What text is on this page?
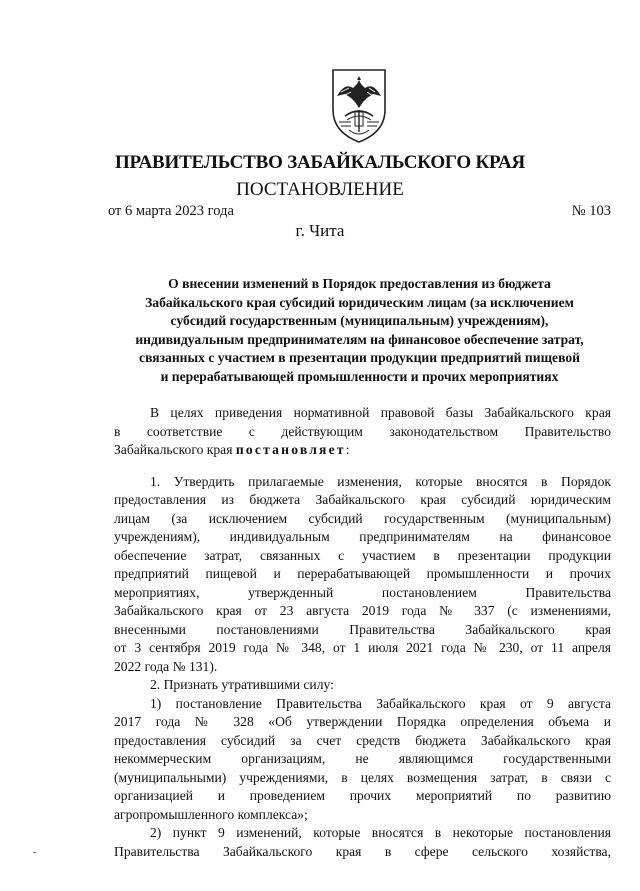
ПРАВИТЕЛЬСТВО ЗАБАЙКАЛЬСКОГО КРАЯ
ПОСТАНОВЛЕНИЕ
от 6 марта 2023 года	№ 103
г. Чита
О внесении изменений в Порядок предоставления из бюджета
Забайкальского края субсидий юридическим лицам (за исключением
субсидий государственным (муниципальным) учреждениям),
индивидуальным предпринимателям на финансовое обеспечение затрат,
связанных с участием в презентации продукции предприятий пищевой
и перерабатывающей промышленности и прочих мероприятиях
В целях приведения нормативной правовой базы Забайкальского края
в соответствие с действующим законодательством Правительство
Забайкальского края постановляет:
1. Утвердить прилагаемые изменения, которые вносятся в Порядок
предоставления из бюджета Забайкальского края субсидий юридическим
лицам (за исключением субсидий государственным (муниципальным)
учреждениям), индивидуальным предпринимателям на финансовое
обеспечение затрат, связанных с участием в презентации продукции
предприятий пищевой и перерабатывающей промышленности и прочих
мероприятиях, утвержденный постановлением Правительства
Забайкальского края от 23 августа 2019 года № 337 (с изменениями,
внесенными постановлениями Правительства Забайкальского края
от 3 сентября 2019 года № 348, от 1 июля 2021 года № 230, от 11 апреля
2022 года № 131).
2. Признать утратившими силу:
1) постановление Правительства Забайкальского края от 9 августа
2017 года № 328 «Об утверждении Порядка определения объема и
предоставления субсидий за счет средств бюджета Забайкальского края
некоммерческим организациям, не являющимся государственными
(муниципальными) учреждениями, в целях возмещения затрат, в связи с
организацией и проведением прочих мероприятий по развитию
агропромышленного комплекса»;
2) пункт 9 изменений, которые вносятся в некоторые постановления
Правительства Забайкальского края в сфере сельского хозяйства,
